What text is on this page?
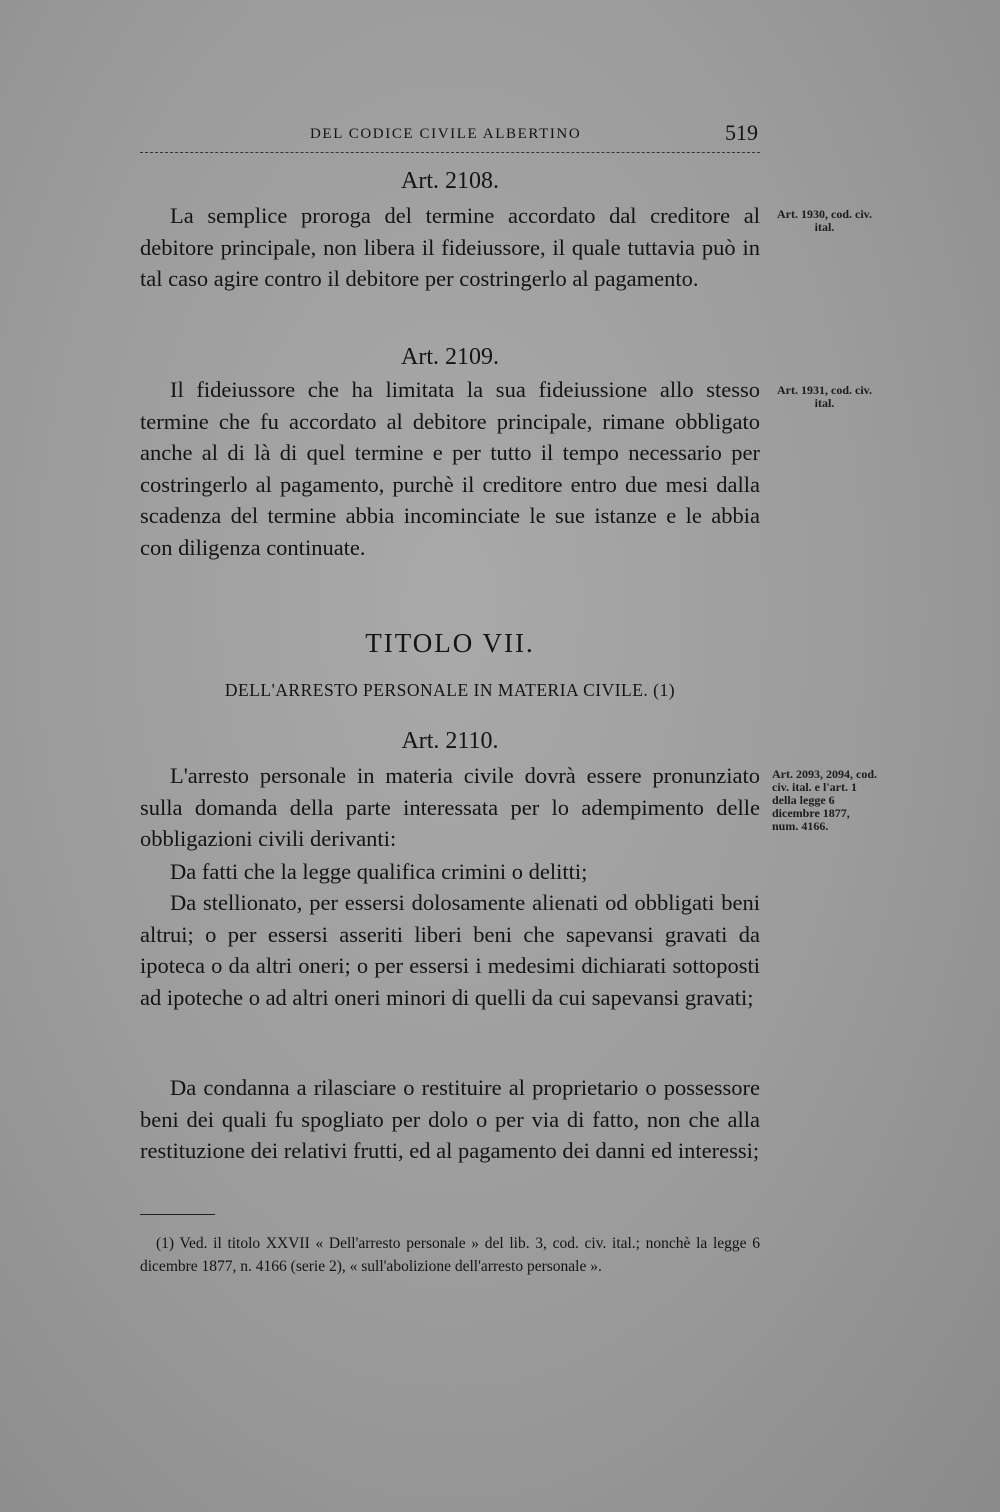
DEL CODICE CIVILE ALBERTINO	519
Art. 2108.

La semplice proroga del termine accordato dal creditore al debitore principale, non libera il fideiussore, il quale tuttavia può in tal caso agire contro il debitore per costringerlo al pagamento.

Art. 1930, cod. civ. ital.
Art. 2109.

Il fideiussore che ha limitata la sua fideiussione allo stesso termine che fu accordato al debitore principale, rimane obbligato anche al di là di quel termine e per tutto il tempo necessario per costringerlo al pagamento, purchè il creditore entro due mesi dalla scadenza del termine abbia incominciate le sue istanze e le abbia con diligenza continuate.

Art. 1931, cod. civ. ital.
TITOLO VII.
DELL'ARRESTO PERSONALE IN MATERIA CIVILE. (1)
Art. 2110.

L'arresto personale in materia civile dovrà essere pronunziato sulla domanda della parte interessata per lo adempimento delle obbligazioni civili derivanti:

Da fatti che la legge qualifica crimini o delitti;

Da stellionato, per essersi dolosamente alienati od obbligati beni altrui; o per essersi asseriti liberi beni che sapevansi gravati da ipoteca o da altri oneri; o per essersi i medesimi dichiarati sottoposti ad ipoteche o ad altri oneri minori di quelli da cui sapevansi gravati;

Da condanna a rilasciare o restituire al proprietario o possessore beni dei quali fu spogliato per dolo o per via di fatto, non che alla restituzione dei relativi frutti, ed al pagamento dei danni ed interessi;

Art. 2093, 2094, cod. civ. ital. e l'art. 1 della legge 6 dicembre 1877, num. 4166.

(1) Ved. il titolo XXVII « Dell'arresto personale » del lib. 3, cod. civ. ital.; nonchè la legge 6 dicembre 1877, n. 4166 (serie 2), « sull'abolizione dell'arresto personale ».
